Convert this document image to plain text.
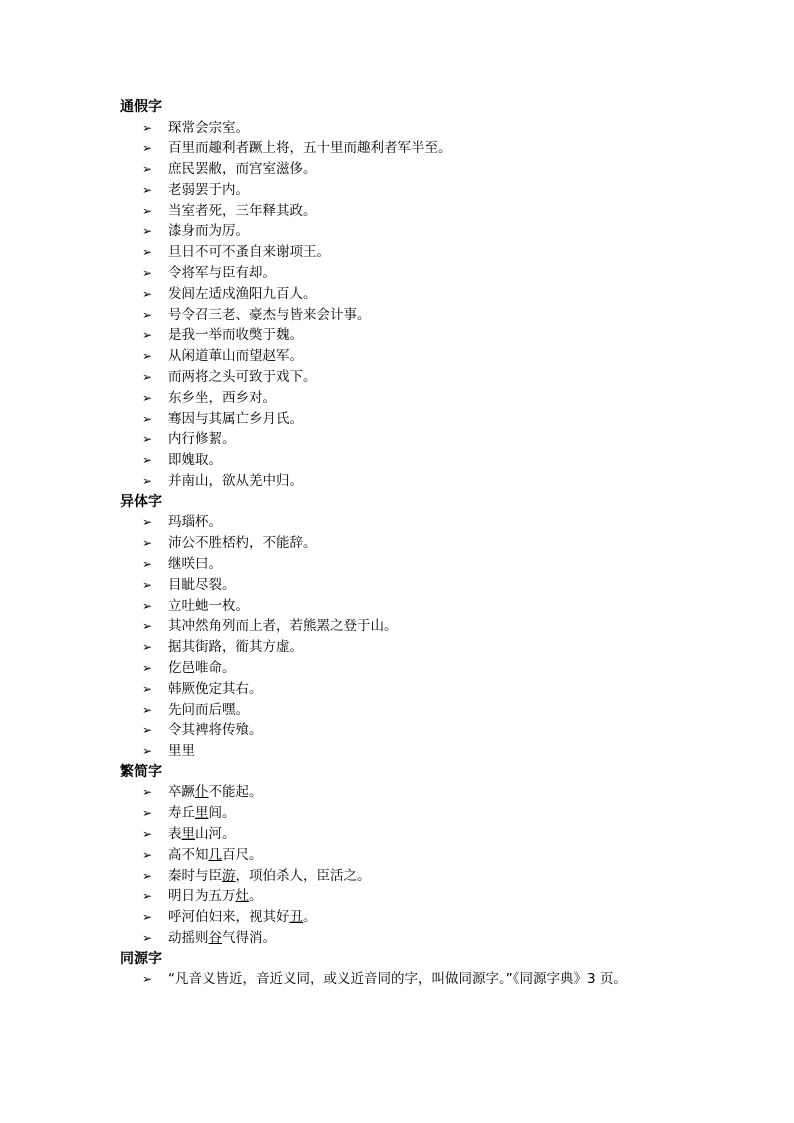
通假字
➢ 琛常会宗室。
➢ 百里而趣利者蹶上将，五十里而趣利者军半至。
➢ 庶民罢敝，而宫室滋侈。
➢ 老弱罢于内。
➢ 当室者死，三年释其政。
➢ 漆身而为厉。
➢ 旦日不可不蚤自来谢项王。
➢ 令将军与臣有却。
➢ 发闾左适戍渔阳九百人。
➢ 号令召三老、豪杰与皆来会计事。
➢ 是我一举而收獘于魏。
➢ 从闲道莗山而望赵军。
➢ 而两将之头可致于戏下。
➢ 东乡坐，西乡对。
➢ 骞因与其属亡乡月氏。
➢ 内行修絜。
➢ 即媿取。
➢ 并南山，欲从羌中归。
异体字
➢ 玛瑙杯。
➢ 沛公不胜桮杓，不能辞。
➢ 继咲曰。
➢ 目眦尽裂。
➢ 立吐虵一枚。
➢ 其冲然角列而上者，若熊罴之登于山。
➢ 据其街路，衜其方虚。
➢ 仡邑唯命。
➢ 韩厥俛定其右。
➢ 先问而后嘿。
➢ 令其裨将传飱。
➢ 里里
繁简字
➢ 卒蹶仆不能起。
➢ 寿丘里闾。
➢ 表里山河。
➢ 高不知几百尺。
➢ 秦时与臣游，项伯杀人，臣活之。
➢ 明日为五万灶。
➢ 呼河伯妇来，视其好丑。
➢ 动摇则谷气得消。
同源字
➢ “凡音义皆近，音近义同，或义近音同的字，叫做同源字。”《同源字典》3 页。
